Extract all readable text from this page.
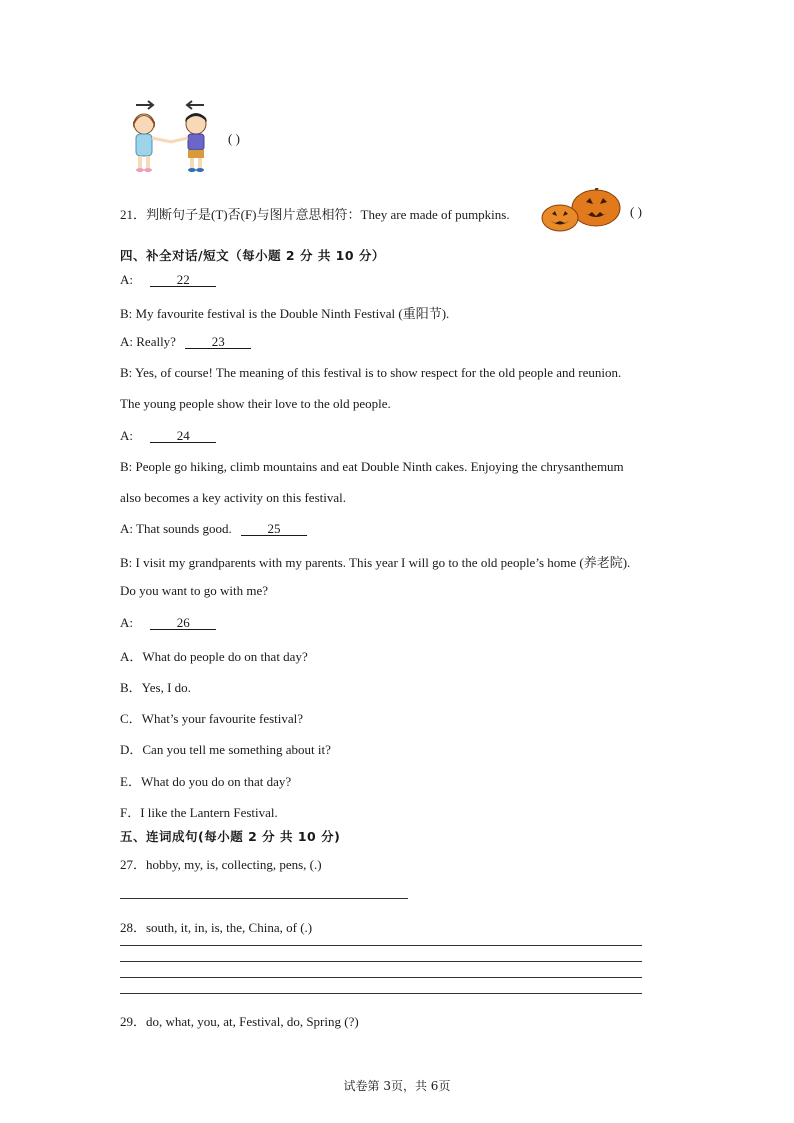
( )
21．判断句子是(T)否(F)与图片意思相符：They are made of pumpkins.	( )
四、补全对话/短文（每小题 2 分 共 10 分）
A:	22
B: My favourite festival is the Double Ninth Festival (重阳节).
A: Really?	23
B: Yes, of course! The meaning of this festival is to show respect for the old people and reunion.
The young people show their love to the old people.
A:	24
B: People go hiking, climb mountains and eat Double Ninth cakes. Enjoying the chrysanthemum
also becomes a key activity on this festival.
A: That sounds good.	25
B: I visit my grandparents with my parents. This year I will go to the old people’s home (养老院).
Do you want to go with me?
A:	26
A．What do people do on that day?
B．Yes, I do.
C．What’s your favourite festival?
D．Can you tell me something about it?
E．What do you do on that day?
F．I like the Lantern Festival.
五、连词成句(每小题 2 分 共 10 分)
27．hobby, my, is, collecting, pens, (.)
28．south, it, in, is, the, China, of (.)
29．do, what, you, at, Festival, do, Spring (?)
试卷第 3页，共 6页
